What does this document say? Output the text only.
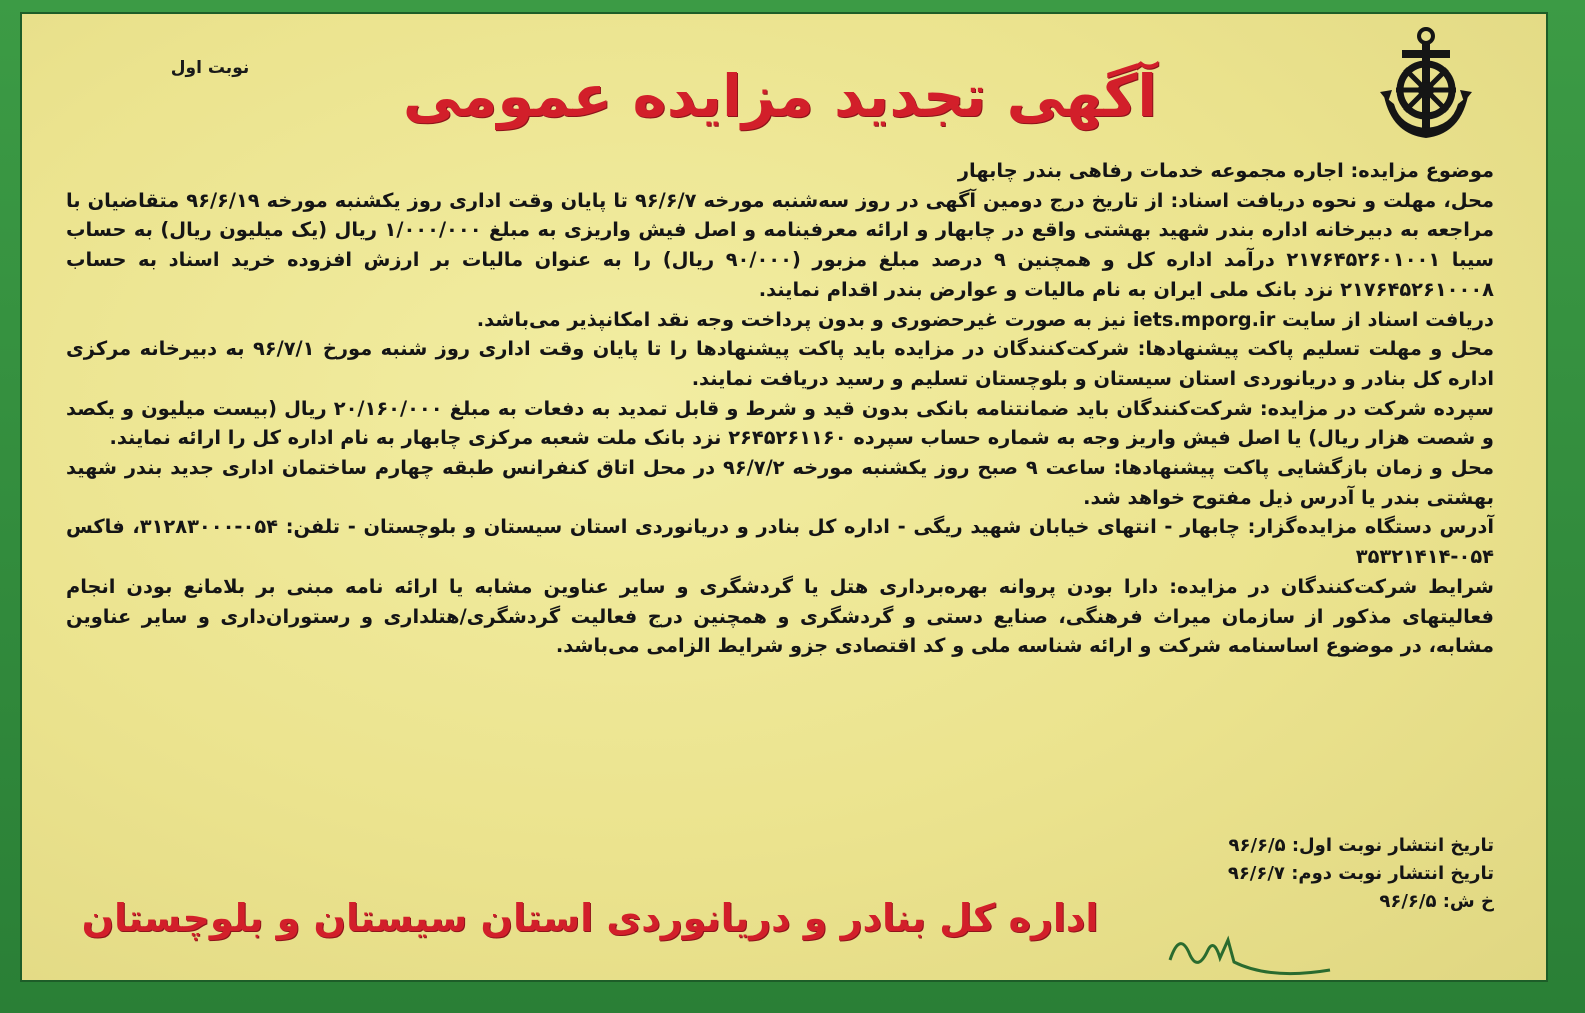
نوبت اول	آگهی تجدید مزایده عمومی

موضوع مزایده: اجاره مجموعه خدمات رفاهی بندر چابهار

محل، مهلت و نحوه دریافت اسناد: از تاریخ درج دومین آگهی در روز سه‌شنبه مورخه ۹۶/۶/۷ تا پایان وقت اداری روز یکشنبه مورخه ۹۶/۶/۱۹ متقاضیان با مراجعه به دبیرخانه اداره بندر شهید بهشتی واقع در چابهار و ارائه معرفینامه و اصل فیش واریزی به مبلغ ۱/۰۰۰/۰۰۰ ریال (یک میلیون ریال) به حساب سیبا ۲۱۷۶۴۵۲۶۰۱۰۰۱ درآمد اداره کل و همچنین ۹ درصد مبلغ مزبور (۹۰/۰۰۰ ریال) را به عنوان مالیات بر ارزش افزوده خرید اسناد به حساب ۲۱۷۶۴۵۲۶۱۰۰۰۸ نزد بانک ملی ایران به نام مالیات و عوارض بندر اقدام نمایند.

دریافت اسناد از سایت iets.mporg.ir نیز به صورت غیرحضوری و بدون پرداخت وجه نقد امکانپذیر می‌باشد.

محل و مهلت تسلیم پاکت پیشنهادها: شرکت‌کنندگان در مزایده باید پاکت پیشنهادها را تا پایان وقت اداری روز شنبه مورخ ۹۶/۷/۱ به دبیرخانه مرکزی اداره کل بنادر و دریانوردی استان سیستان و بلوچستان تسلیم و رسید دریافت نمایند.

سپرده شرکت در مزایده: شرکت‌کنندگان باید ضمانتنامه بانکی بدون قید و شرط و قابل تمدید به دفعات به مبلغ ۲۰/۱۶۰/۰۰۰ ریال (بیست میلیون و یکصد و شصت هزار ریال) یا اصل فیش واریز وجه به شماره حساب سپرده ۲۶۴۵۲۶۱۱۶۰ نزد بانک ملت شعبه مرکزی چابهار به نام اداره کل را ارائه نمایند.

محل و زمان بازگشایی پاکت پیشنهادها: ساعت ۹ صبح روز یکشنبه مورخه ۹۶/۷/۲ در محل اتاق کنفرانس طبقه چهارم ساختمان اداری جدید بندر شهید بهشتی بندر یا آدرس ذیل مفتوح خواهد شد.

آدرس دستگاه مزایده‌گزار: چابهار - انتهای خیابان شهید ریگی - اداره کل بنادر و دریانوردی استان سیستان و بلوچستان - تلفن: ۰۵۴-۳۱۲۸۳۰۰۰، فاکس ۰۵۴-۳۵۳۲۱۴۱۴

شرایط شرکت‌کنندگان در مزایده: دارا بودن پروانه بهره‌برداری هتل یا گردشگری و سایر عناوین مشابه یا ارائه نامه مبنی بر بلامانع بودن انجام فعالیتهای مذکور از سازمان میراث فرهنگی، صنایع دستی و گردشگری و همچنین درج فعالیت گردشگری/هتلداری و رستوران‌داری و سایر عناوین مشابه، در موضوع اساسنامه شرکت و ارائه شناسه ملی و کد اقتصادی جزو شرایط الزامی می‌باشد.

تاریخ انتشار نوبت اول: ۹۶/۶/۵
تاریخ انتشار نوبت دوم: ۹۶/۶/۷
خ ش: ۹۶/۶/۵
اداره کل بنادر و دریانوردی استان سیستان و بلوچستان
